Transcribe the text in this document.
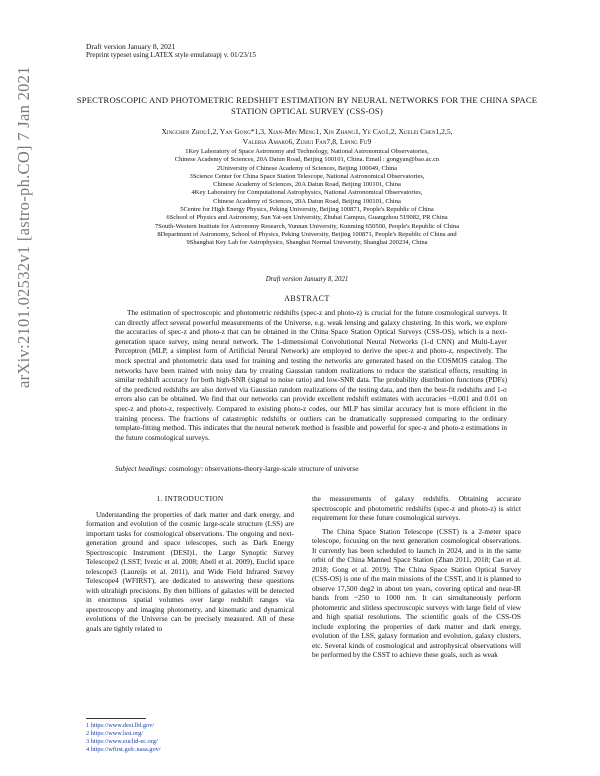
Draft version January 8, 2021
Preprint typeset using LATEX style emulateapj v. 01/23/15
arXiv:2101.02532v1 [astro-ph.CO] 7 Jan 2021	SPECTROSCOPIC AND PHOTOMETRIC REDSHIFT ESTIMATION BY NEURAL NETWORKS FOR THE CHINA SPACE STATION OPTICAL SURVEY (CSS-OS)
Xingchen Zhou1,2, Yan Gong*1,3, Xian-Min Meng1, Xin Zhang1, Ye Cao1,2, Xuelei Chen1,2,5,
Valeria Amaro6, Zuhui Fan7,8, Liping Fu9
1Key Laboratory of Space Astronomy and Technology, National Astronomical Observatories,
Chinese Academy of Sciences, 20A Datun Road, Beijing 100101, China. Email : gongyan@bao.ac.cn
2University of Chinese Academy of Sciences, Beijing 100049, China
3Science Center for China Space Station Telescope, National Astronomical Observatories,
Chinese Academy of Sciences, 20A Datun Road, Beijing 100101, China
4Key Laboratory for Computational Astrophysics, National Astronomical Observatories,
Chinese Academy of Sciences, 20A Datun Road, Beijing 100101, China
5Centre for High Energy Physics, Peking University, Beijing 100871, People's Republic of China
6School of Physics and Astronomy, Sun Yat-sen University, Zhuhai Campus, Guangzhou 519082, PR China
7South-Western Institute for Astronomy Research, Yunnan University, Kunming 650500, People's Republic of China
8Department of Astronomy, School of Physics, Peking University, Beijing 100871, People's Republic of China and
9Shanghai Key Lab for Astrophysics, Shanghai Normal University, Shanghai 200234, China
Draft version January 8, 2021
ABSTRACT

The estimation of spectroscopic and photometric redshifts (spec-z and photo-z) is crucial for the future cosmological surveys. It can directly affect several powerful measurements of the Universe, e.g. weak lensing and galaxy clustering. In this work, we explore the accuracies of spec-z and photo-z that can be obtained in the China Space Station Optical Surveys (CSS-OS), which is a next-generation space survey, using neural network. The 1-dimensional Convolutional Neural Networks (1-d CNN) and Multi-Layer Perceptron (MLP, a simplest form of Artificial Neural Network) are employed to derive the spec-z and photo-z, respectively. The mock spectral and photometric data used for training and testing the networks are generated based on the COSMOS catalog. The networks have been trained with noisy data by creating Gaussian random realizations to reduce the statistical effects, resulting in similar redshift accuracy for both high-SNR (signal to noise ratio) and low-SNR data. The probability distribution functions (PDFs) of the predicted redshifts are also derived via Gaussian random realizations of the testing data, and then the best-fit redshifts and 1-σ errors also can be obtained. We find that our networks can provide excellent redshift estimates with accuracies ~0.001 and 0.01 on spec-z and photo-z, respectively. Compared to existing photo-z codes, our MLP has similar accuracy but is more efficient in the training process. The fractions of catastrophic redshifts or outliers can be dramatically suppressed comparing to the ordinary template-fitting method. This indicates that the neural network method is feasible and powerful for spec-z and photo-z estimations in the future cosmological surveys.

Subject headings: cosmology: observations-theory-large-scale structure of universe
1. INTRODUCTION

Understanding the properties of dark matter and dark energy, and formation and evolution of the cosmic large-scale structure (LSS) are important tasks for cosmological observations. The ongoing and next-generation ground and space telescopes, such as Dark Energy Spectroscopic Instrument (DESI)1, the Large Synoptic Survey Telescope2 (LSST; Ivezic et al. 2008; Abell et al. 2009), Euclid space telescope3 (Laureijs et al. 2011), and Wide Field Infrared Survey Telescope4 (WFIRST), are dedicated to answering these questions with ultrahigh precisions. By then billions of galaxies will be detected in enormous spatial volumes over large redshift ranges via spectroscopy and imaging photometry, and kinematic and dynamical evolutions of the Universe can be precisely measured. All of these goals are tightly related to

the measurements of galaxy redshifts. Obtaining accurate spectroscopic and photometric redshifts (spec-z and photo-z) is strict requirement for these future cosmological surveys.

The China Space Station Telescope (CSST) is a 2-meter space telescope, focusing on the next generation cosmological observations. It currently has been scheduled to launch in 2024, and is in the same orbit of the China Manned Space Station (Zhan 2011, 2018; Cao et al. 2018; Gong et al. 2019). The China Space Station Optical Survey (CSS-OS) is one of the main missions of the CSST, and it is planned to observe 17,500 deg2 in about ten years, covering optical and near-IR bands from ~250 to 1000 nm. It can simultaneously perform photometric and slitless spectroscopic surveys with large field of view and high spatial resolutions. The scientific goals of the CSS-OS include exploring the properties of dark matter and dark energy, evolution of the LSS, galaxy formation and evolution, galaxy clusters, etc. Several kinds of cosmological and astrophysical observations will be performed by the CSST to achieve these goals, such as weak

1 https://www.desi.lbl.gov/
2 https://www.lsst.org/
3 https://www.euclid-ec.org/
4 https://wfirst.gsfc.nasa.gov/
